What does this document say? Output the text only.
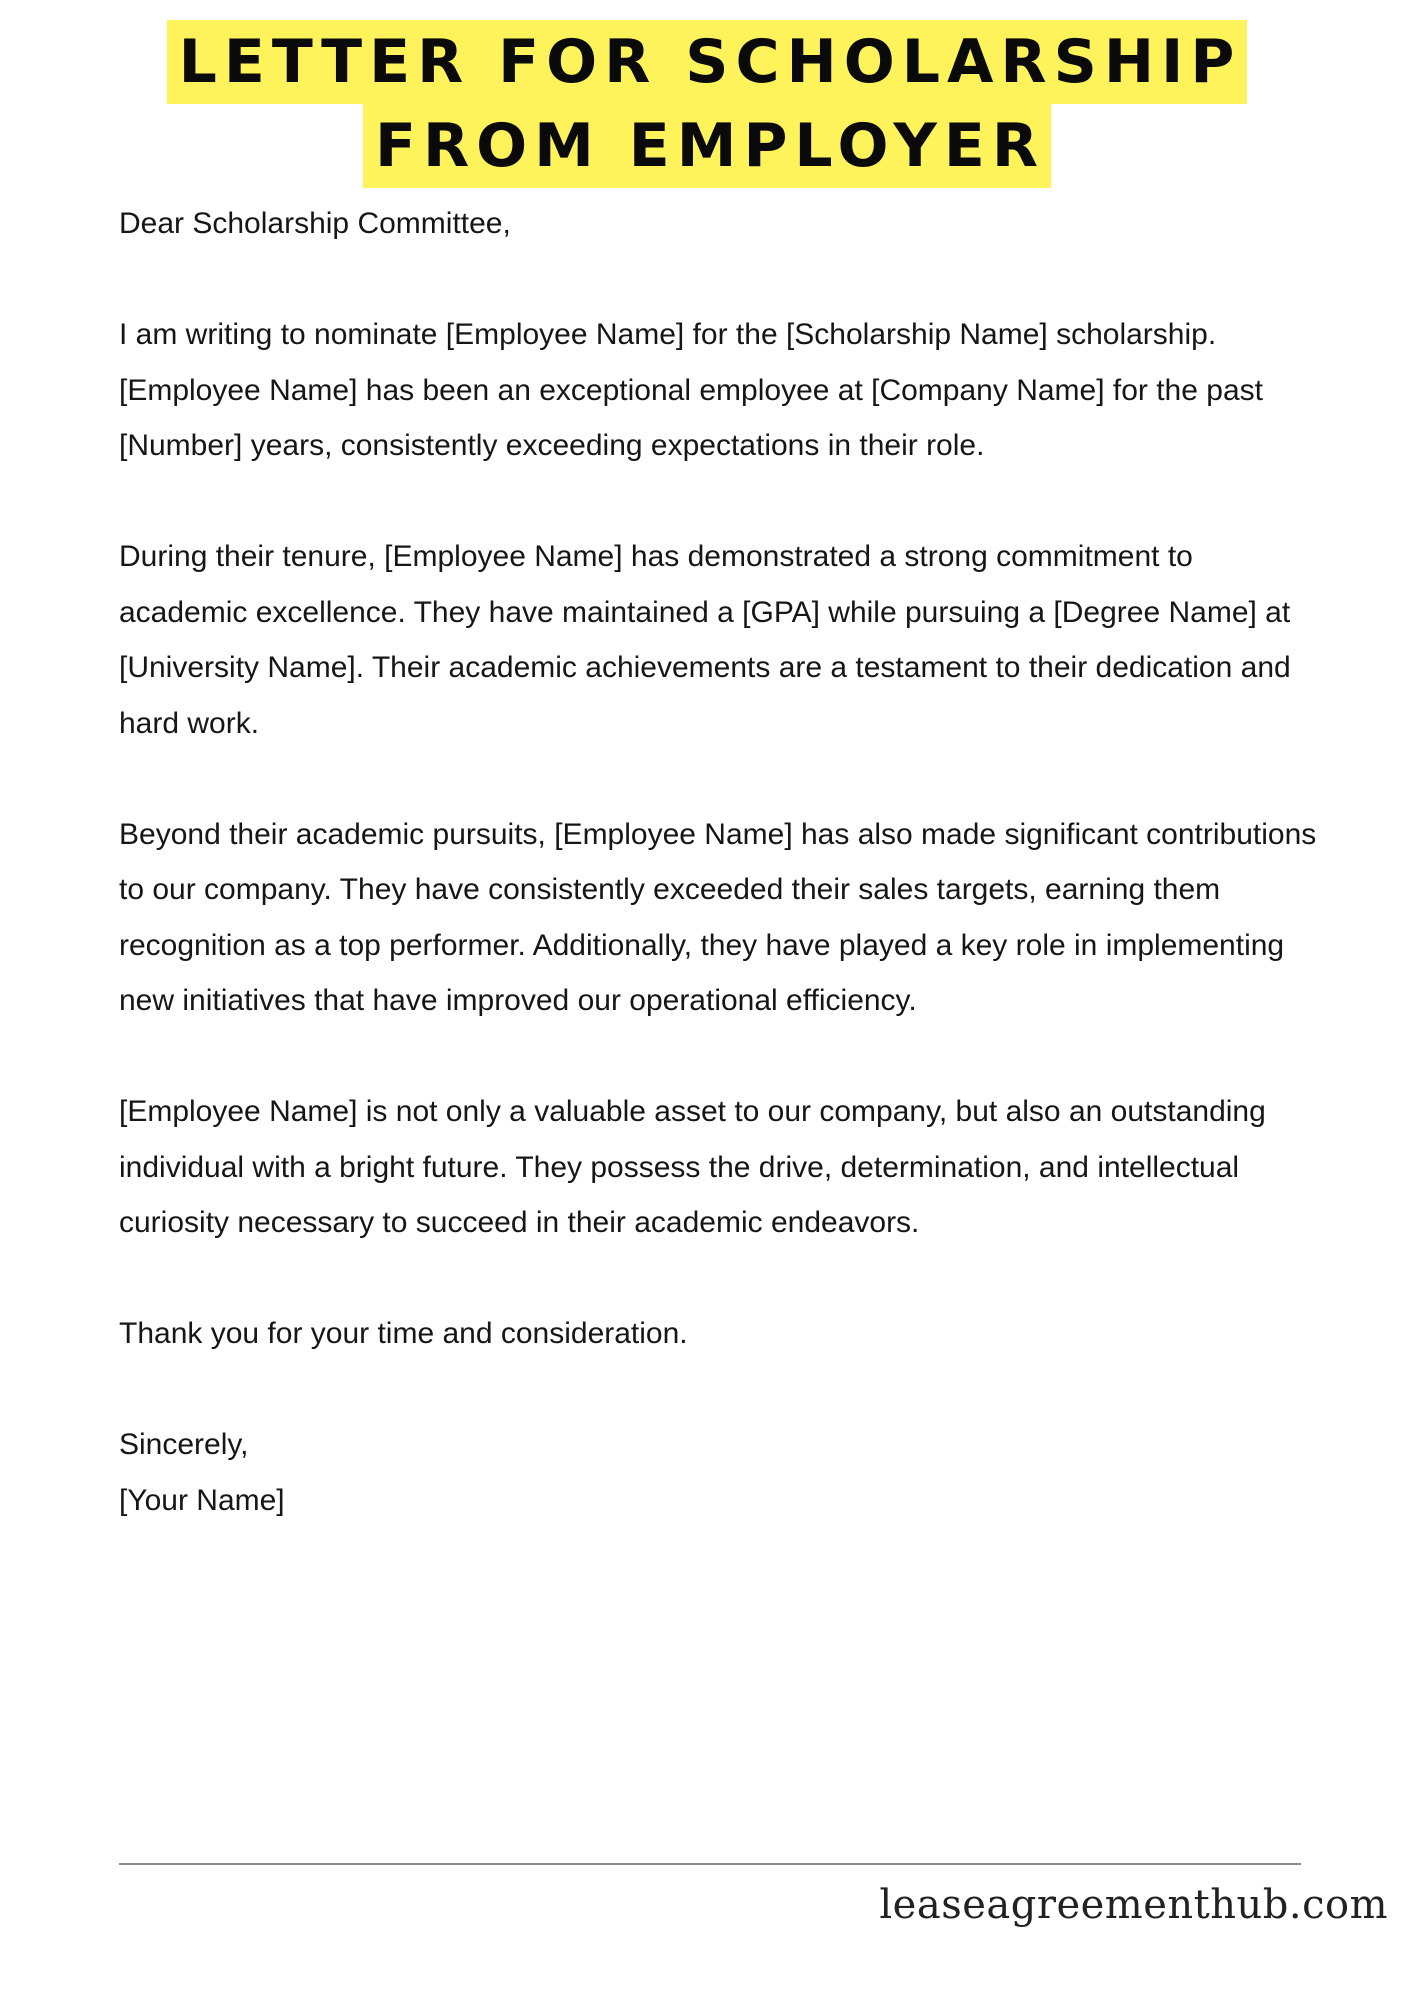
LETTER FOR SCHOLARSHIP
FROM EMPLOYER

Dear Scholarship Committee,

I am writing to nominate [Employee Name] for the [Scholarship Name] scholarship. [Employee Name] has been an exceptional employee at [Company Name] for the past [Number] years, consistently exceeding expectations in their role.

During their tenure, [Employee Name] has demonstrated a strong commitment to academic excellence. They have maintained a [GPA] while pursuing a [Degree Name] at [University Name]. Their academic achievements are a testament to their dedication and hard work.

Beyond their academic pursuits, [Employee Name] has also made significant contributions to our company. They have consistently exceeded their sales targets, earning them recognition as a top performer. Additionally, they have played a key role in implementing new initiatives that have improved our operational efficiency.

[Employee Name] is not only a valuable asset to our company, but also an outstanding individual with a bright future. They possess the drive, determination, and intellectual curiosity necessary to succeed in their academic endeavors.

Thank you for your time and consideration.

Sincerely,
[Your Name]

leaseagreementhub.com
